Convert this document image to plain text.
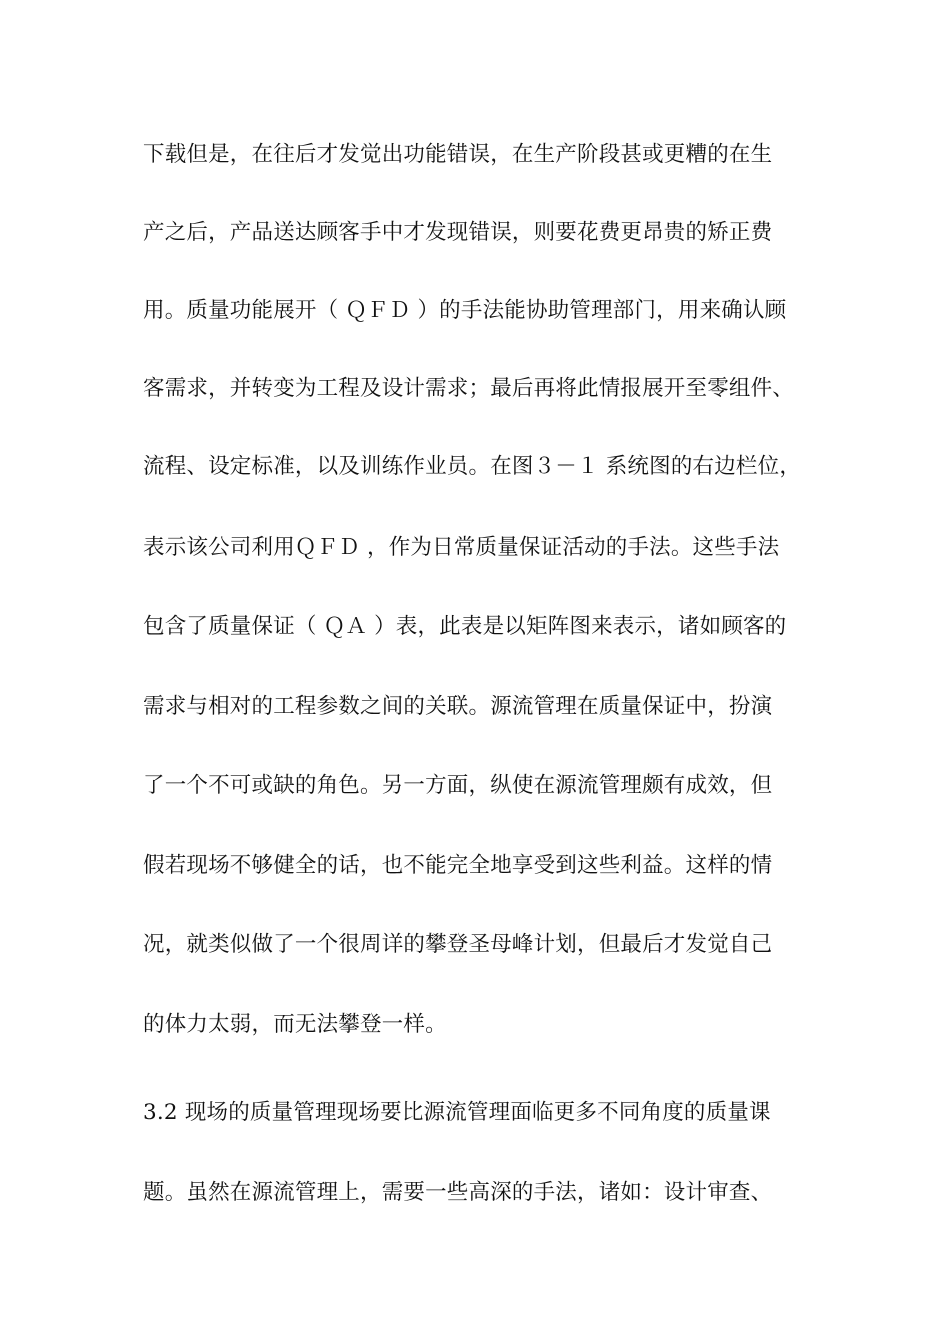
下载但是，在往后才发觉出功能错误，在生产阶段甚或更糟的在生
产之后，产品送达顾客手中才发现错误，则要花费更昂贵的矫正费
用。质量功能展开（ ＱＦＤ ）的手法能协助管理部门，用来确认顾
客需求，并转变为工程及设计需求；最后再将此情报展开至零组件、
流程、设定标准，以及训练作业员。在图３－１ 系统图的右边栏位，
表示该公司利用ＱＦＤ ，作为日常质量保证活动的手法。这些手法
包含了质量保证（ ＱＡ ）表，此表是以矩阵图来表示，诸如顾客的
需求与相对的工程参数之间的关联。源流管理在质量保证中，扮演
了一个不可或缺的角色。另一方面，纵使在源流管理颇有成效，但
假若现场不够健全的话，也不能完全地享受到这些利益。这样的情
况，就类似做了一个很周详的攀登圣母峰计划，但最后才发觉自己
的体力太弱，而无法攀登一样。
3.2 现场的质量管理现场要比源流管理面临更多不同角度的质量课
题。虽然在源流管理上，需要一些高深的手法，诸如：设计审查、
